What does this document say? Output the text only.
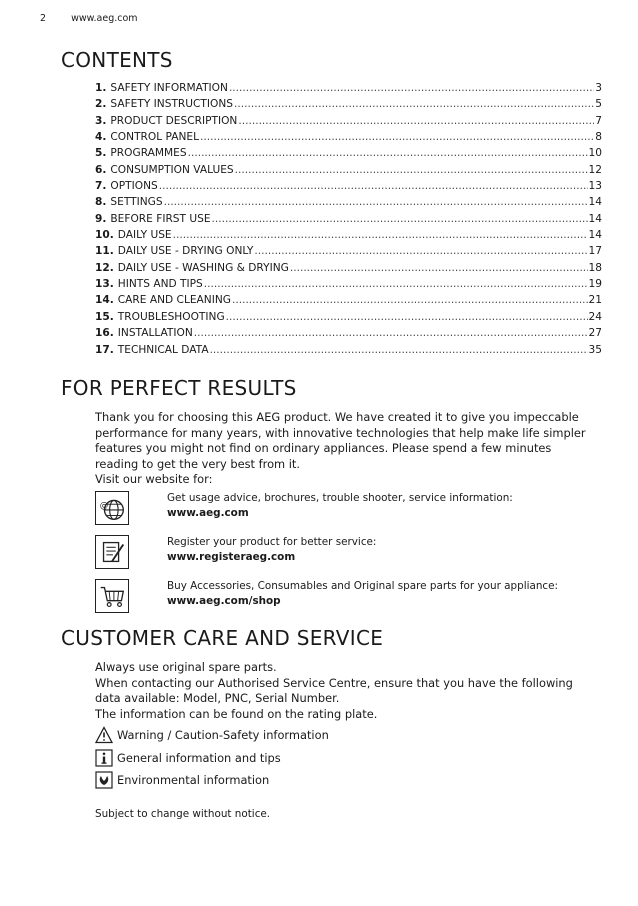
2	www.aeg.com
CONTENTS
1. SAFETY INFORMATION .....	3
2. SAFETY INSTRUCTIONS .....	5
3. PRODUCT DESCRIPTION .....	7
4. CONTROL PANEL .....	8
5. PROGRAMMES .....	10
6. CONSUMPTION VALUES .....	12
7. OPTIONS .....	13
8. SETTINGS .....	14
9. BEFORE FIRST USE .....	14
10. DAILY USE .....	14
11. DAILY USE - DRYING ONLY .....	17
12. DAILY USE - WASHING & DRYING .....	18
13. HINTS AND TIPS .....	19
14. CARE AND CLEANING .....	21
15. TROUBLESHOOTING .....	24
16. INSTALLATION .....	27
17. TECHNICAL DATA .....	35
FOR PERFECT RESULTS

Thank you for choosing this AEG product. We have created it to give you impeccable performance for many years, with innovative technologies that help make life simpler features you might not find on ordinary appliances. Please spend a few minutes reading to get the very best from it.

Visit our website for:

@
Get usage advice, brochures, trouble shooter, service information:
www.aeg.com
Register your product for better service:
www.registeraeg.com
Buy Accessories, Consumables and Original spare parts for your appliance:
www.aeg.com/shop
CUSTOMER CARE AND SERVICE

Always use original spare parts.

When contacting our Authorised Service Centre, ensure that you have the following data available: Model, PNC, Serial Number.

The information can be found on the rating plate.

Warning / Caution-Safety information
General information and tips
Environmental information
Subject to change without notice.
